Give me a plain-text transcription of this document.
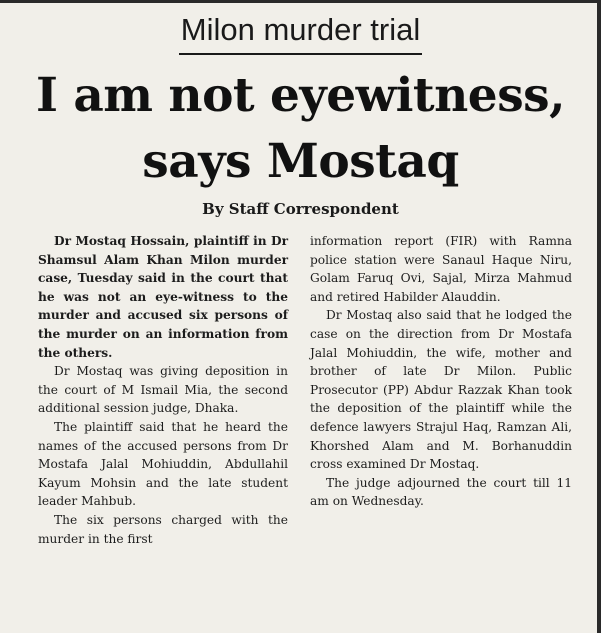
Milon murder trial
I am not eyewitness,
says Mostaq
By Staff Correspondent

Dr Mostaq Hossain, plaintiff in Dr Shamsul Alam Khan Milon murder case, Tuesday said in the court that he was not an eye-witness to the murder and accused six persons of the murder on an information from the others.

Dr Mostaq was giving deposition in the court of M Ismail Mia, the second additional session judge, Dhaka.

The plaintiff said that he heard the names of the accused persons from Dr Mostafa Jalal Mohiuddin, Abdullahil Kayum Mohsin and the late student leader Mahbub.

The six persons charged with the murder in the first

information report (FIR) with Ramna police station were Sanaul Haque Niru, Golam Faruq Ovi, Sajal, Mirza Mahmud and retired Habilder Alauddin.

Dr Mostaq also said that he lodged the case on the direction from Dr Mostafa Jalal Mohiuddin, the wife, mother and brother of late Dr Milon. Public Prosecutor (PP) Abdur Razzak Khan took the deposition of the plaintiff while the defence lawyers Strajul Haq, Ramzan Ali, Khorshed Alam and M. Borhanuddin cross examined Dr Mostaq.

The judge adjourned the court till 11 am on Wednesday.
